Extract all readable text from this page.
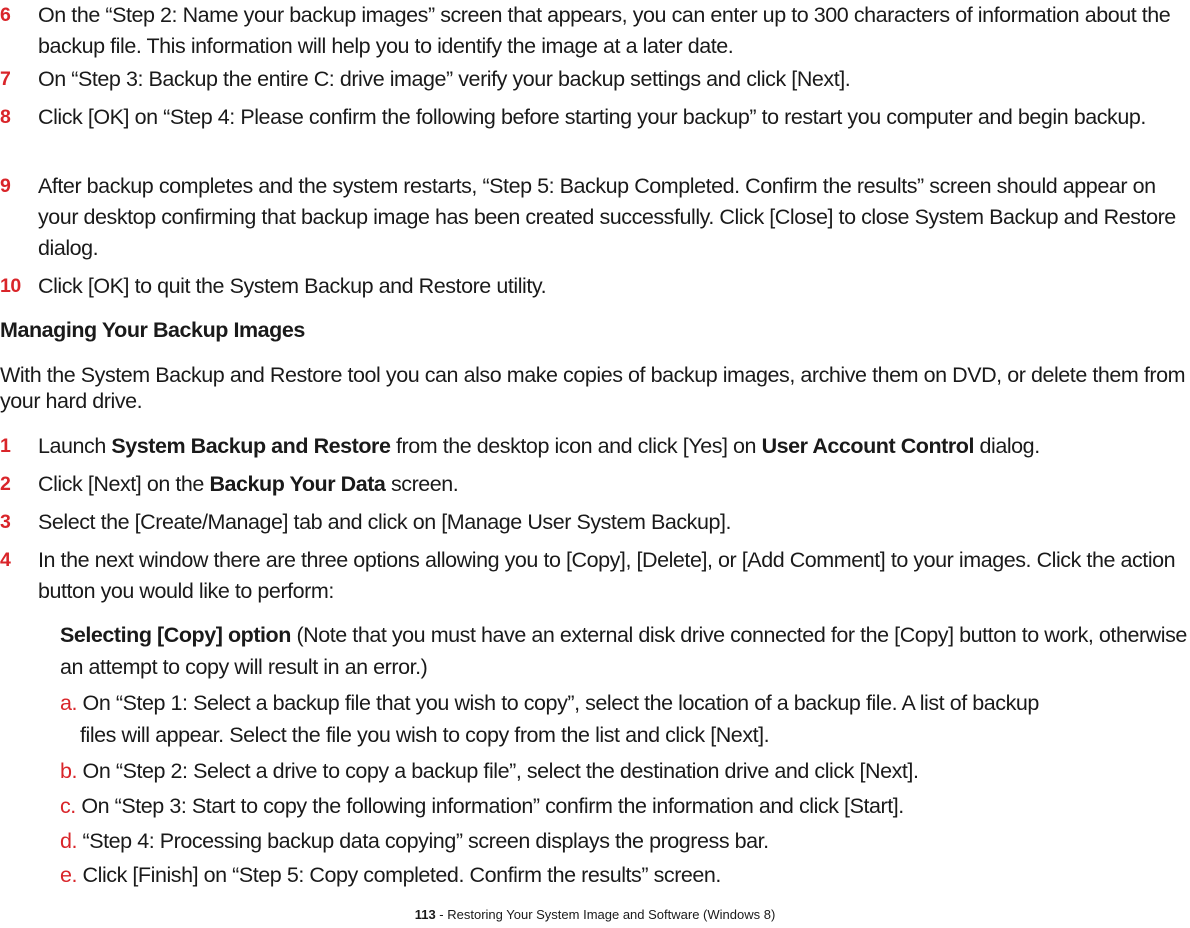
6 On the “Step 2: Name your backup images” screen that appears, you can enter up to 300 characters of information about the backup file. This information will help you to identify the image at a later date.
7 On “Step 3: Backup the entire C: drive image” verify your backup settings and click [Next].
8 Click [OK] on “Step 4: Please confirm the following before starting your backup” to restart you computer and begin backup.
9 After backup completes and the system restarts, “Step 5: Backup Completed. Confirm the results” screen should appear on your desktop confirming that backup image has been created successfully. Click [Close] to close System Backup and Restore dialog.
10 Click [OK] to quit the System Backup and Restore utility.
Managing Your Backup Images
With the System Backup and Restore tool you can also make copies of backup images, archive them on DVD, or delete them from your hard drive.
1 Launch System Backup and Restore from the desktop icon and click [Yes] on User Account Control dialog.
2 Click [Next] on the Backup Your Data screen.
3 Select the [Create/Manage] tab and click on [Manage User System Backup].
4 In the next window there are three options allowing you to [Copy], [Delete], or [Add Comment] to your images. Click the action button you would like to perform:
Selecting [Copy] option (Note that you must have an external disk drive connected for the [Copy] button to work, otherwise an attempt to copy will result in an error.)
a. On “Step 1: Select a backup file that you wish to copy”, select the location of a backup file. A list of backup
files will appear. Select the file you wish to copy from the list and click [Next].
b. On “Step 2: Select a drive to copy a backup file”, select the destination drive and click [Next].
c. On “Step 3: Start to copy the following information” confirm the information and click [Start].
d. “Step 4: Processing backup data copying” screen displays the progress bar.
e. Click [Finish] on “Step 5: Copy completed. Confirm the results” screen.
113 - Restoring Your System Image and Software (Windows 8)
